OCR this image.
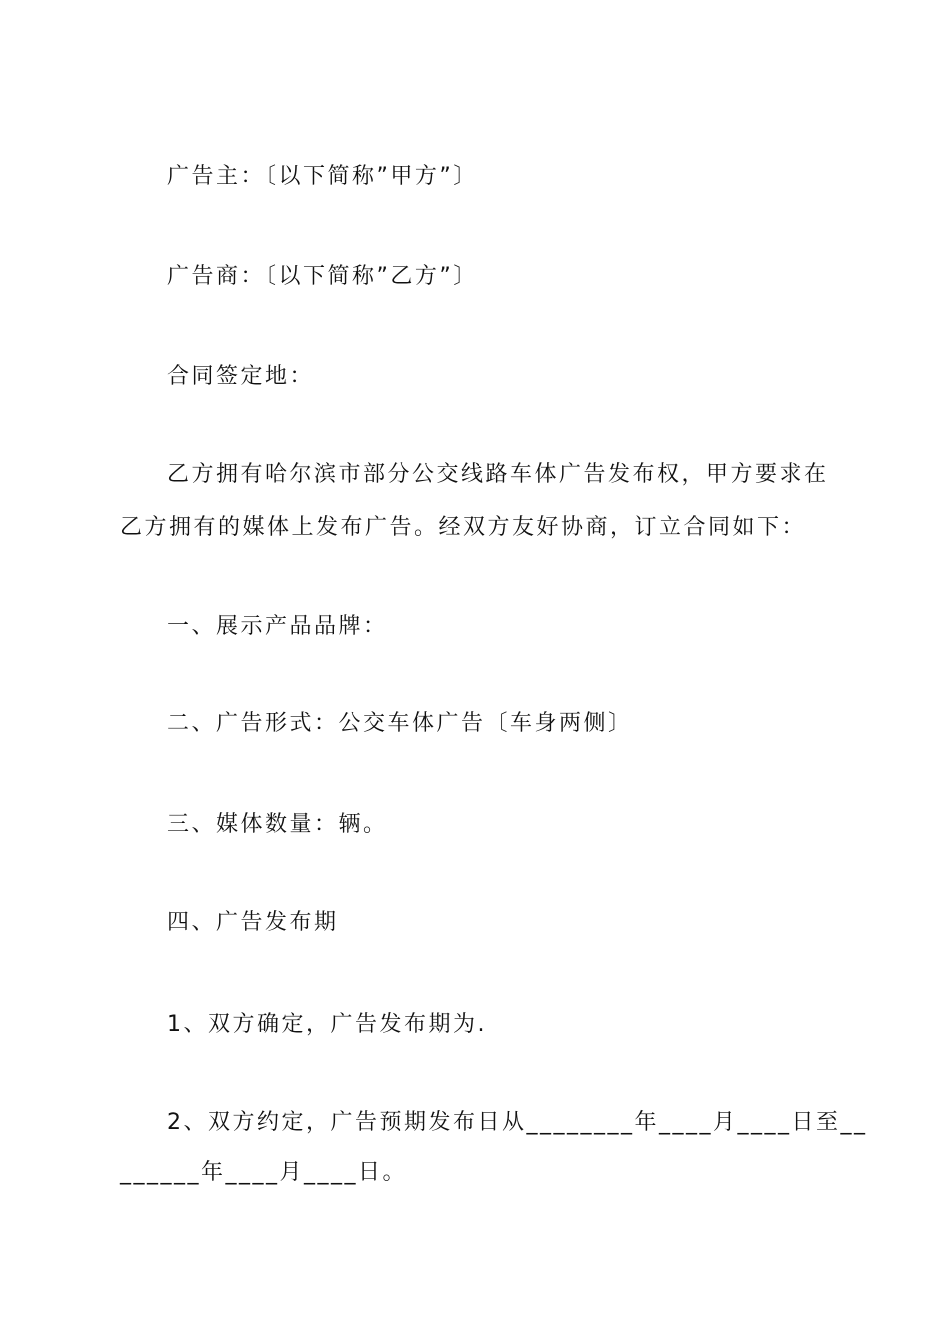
广告主：〔以下简称”甲方”〕
广告商：〔以下简称”乙方”〕
合同签定地：
乙方拥有哈尔滨市部分公交线路车体广告发布权，甲方要求在
乙方拥有的媒体上发布广告。经双方友好协商，订立合同如下：
一、展示产品品牌：
二、广告形式：公交车体广告〔车身两侧〕
三、媒体数量：辆。
四、广告发布期
1、双方确定，广告发布期为.
2、双方约定，广告预期发布日从________年____月____日至__
______年____月____日。
